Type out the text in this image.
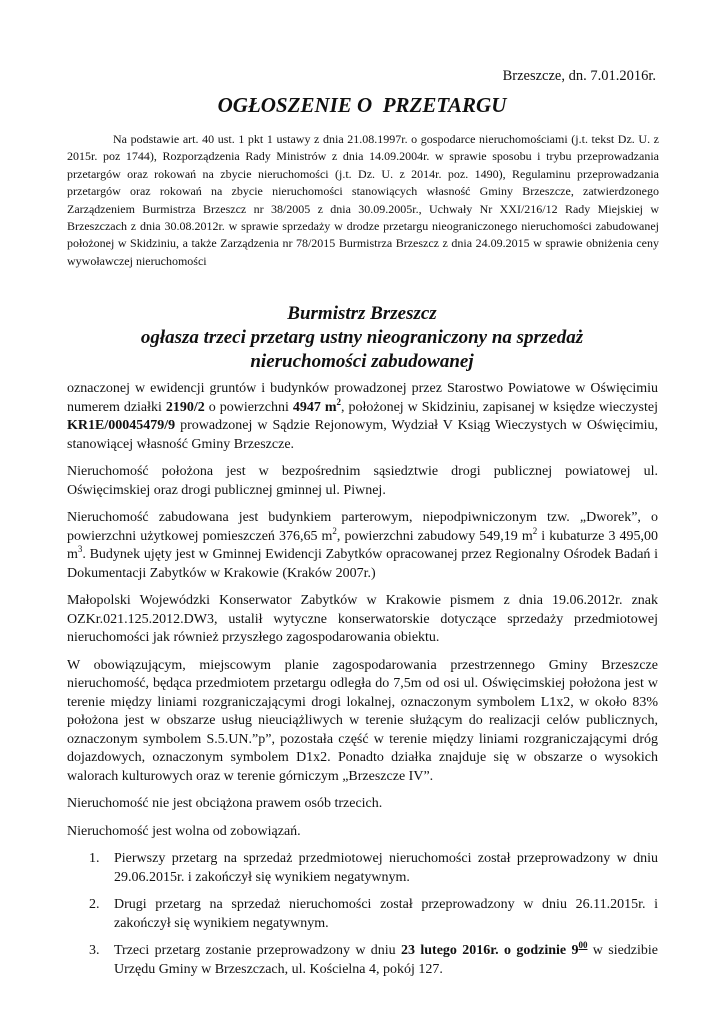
Brzeszcze, dn. 7.01.2016r.
OGŁOSZENIE O  PRZETARGU
Na podstawie art. 40 ust. 1 pkt 1 ustawy z dnia 21.08.1997r. o gospodarce nieruchomościami (j.t. tekst Dz. U. z 2015r. poz 1744), Rozporządzenia Rady Ministrów z dnia 14.09.2004r. w sprawie sposobu i trybu przeprowadzania przetargów oraz rokowań na zbycie nieruchomości (j.t. Dz. U. z 2014r. poz. 1490), Regulaminu przeprowadzania przetargów oraz rokowań na zbycie nieruchomości stanowiących własność Gminy Brzeszcze, zatwierdzonego Zarządzeniem Burmistrza Brzeszcz nr 38/2005 z dnia 30.09.2005r., Uchwały Nr XXI/216/12 Rady Miejskiej w Brzeszczach z dnia 30.08.2012r. w sprawie sprzedaży w drodze przetargu nieograniczonego nieruchomości zabudowanej położonej w Skidziniu, a także Zarządzenia nr 78/2015 Burmistrza Brzeszcz z dnia 24.09.2015 w sprawie obniżenia ceny wywoławczej nieruchomości
Burmistrz Brzeszcz
ogłasza trzeci przetarg ustny nieograniczony na sprzedaż
nieruchomości zabudowanej

oznaczonej w ewidencji gruntów i budynków prowadzonej przez Starostwo Powiatowe w Oświęcimiu numerem działki 2190/2 o powierzchni 4947 $m^2$, położonej w Skidziniu, zapisanej w księdze wieczystej KR1E/00045479/9 prowadzonej w Sądzie Rejonowym, Wydział V Ksiąg Wieczystych w Oświęcimiu, stanowiącej własność Gminy Brzeszcze.

Nieruchomość położona jest w bezpośrednim sąsiedztwie drogi publicznej powiatowej ul. Oświęcimskiej oraz drogi publicznej gminnej ul. Piwnej.

Nieruchomość zabudowana jest budynkiem parterowym, niepodpiwniczonym tzw. „Dworek”, o powierzchni użytkowej pomieszczeń 376,65 $m^2$, powierzchni zabudowy 549,19 $m^2$ i kubaturze 3 495,00 $m^3$. Budynek ujęty jest w Gminnej Ewidencji Zabytków opracowanej przez Regionalny Ośrodek Badań i Dokumentacji Zabytków w Krakowie (Kraków 2007r.)

Małopolski Wojewódzki Konserwator Zabytków w Krakowie pismem z dnia 19.06.2012r. znak OZKr.021.125.2012.DW3, ustalił wytyczne konserwatorskie dotyczące sprzedaży przedmiotowej nieruchomości jak również przyszłego zagospodarowania obiektu.

W obowiązującym, miejscowym planie zagospodarowania przestrzennego Gminy Brzeszcze nieruchomość, będąca przedmiotem przetargu odległa do 7,5m od osi ul. Oświęcimskiej położona jest w terenie między liniami rozgraniczającymi drogi lokalnej, oznaczonym symbolem L1x2, w około 83% położona jest w obszarze usług nieuciążliwych w terenie służącym do realizacji celów publicznych, oznaczonym symbolem S.5.UN.”p”, pozostała część w terenie między liniami rozgraniczającymi dróg dojazdowych, oznaczonym symbolem D1x2. Ponadto działka znajduje się w obszarze o wysokich walorach kulturowych oraz w terenie górniczym „Brzeszcze IV”.

Nieruchomość nie jest obciążona prawem osób trzecich.

Nieruchomość jest wolna od zobowiązań.

1. Pierwszy przetarg na sprzedaż przedmiotowej nieruchomości został przeprowadzony w dniu 29.06.2015r. i zakończył się wynikiem negatywnym.
2. Drugi przetarg na sprzedaż nieruchomości został przeprowadzony w dniu 26.11.2015r. i zakończył się wynikiem negatywnym.
3. Trzeci przetarg zostanie przeprowadzony w dniu 23 lutego 2016r. o godzinie $9^{00}$ w siedzibie Urzędu Gminy w Brzeszczach, ul. Kościelna 4, pokój 127.
